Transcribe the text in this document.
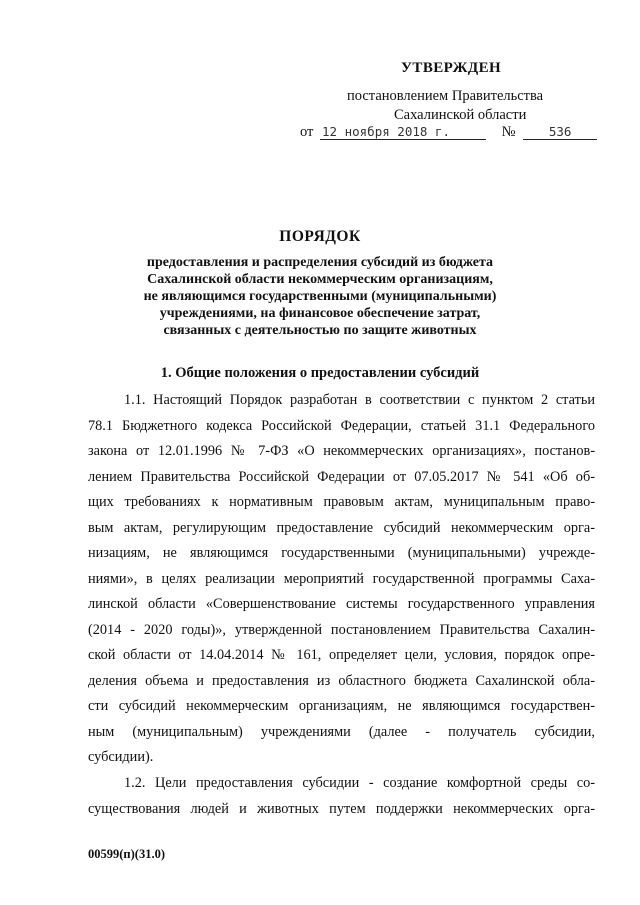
УТВЕРЖДЕН
постановлением Правительства
Сахалинской области
от 12 ноября 2018 г.	№	536
ПОРЯДОК
предоставления и распределения субсидий из бюджета
Сахалинской области некоммерческим организациям,
не являющимся государственными (муниципальными)
учреждениями, на финансовое обеспечение затрат,
связанных с деятельностью по защите животных
1. Общие положения о предоставлении субсидий
1.1. Настоящий Порядок разработан в соответствии с пунктом 2 статьи
78.1 Бюджетного кодекса Российской Федерации, статьей 31.1 Федерального
закона от 12.01.1996 № 7-ФЗ «О некоммерческих организациях», постанов-
лением Правительства Российской Федерации от 07.05.2017 № 541 «Об об-
щих требованиях к нормативным правовым актам, муниципальным право-
вым актам, регулирующим предоставление субсидий некоммерческим орга-
низациям, не являющимся государственными (муниципальными) учрежде-
ниями», в целях реализации мероприятий государственной программы Саха-
линской области «Совершенствование системы государственного управления
(2014 - 2020 годы)», утвержденной постановлением Правительства Сахалин-
ской области от 14.04.2014 № 161, определяет цели, условия, порядок опре-
деления объема и предоставления из областного бюджета Сахалинской обла-
сти субсидий некоммерческим организациям, не являющимся государствен-
ным (муниципальным) учреждениями (далее - получатель субсидии,
субсидии).
1.2. Цели предоставления субсидии - создание комфортной среды со-
существования людей и животных путем поддержки некоммерческих орга-
00599(п)(31.0)
